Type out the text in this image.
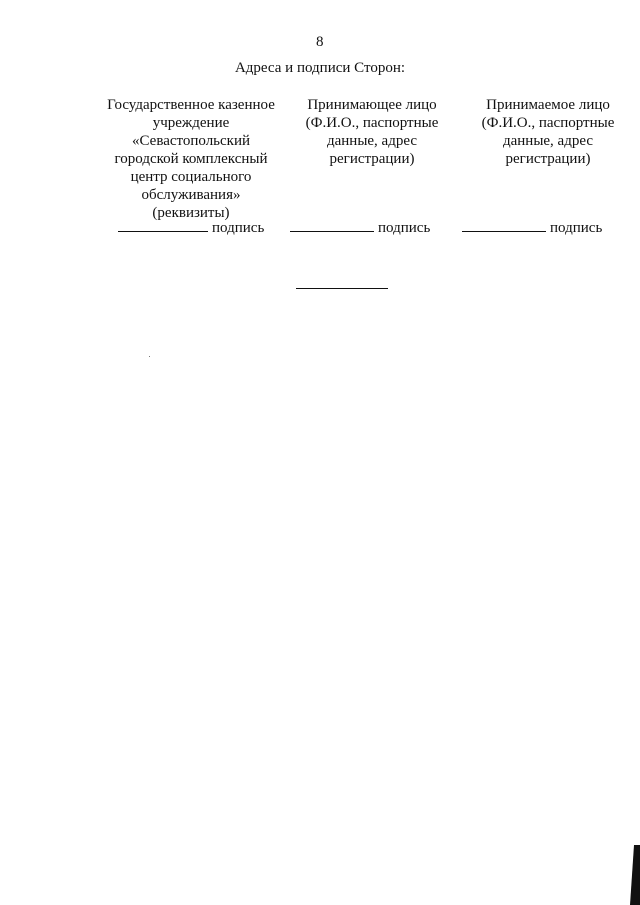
8
Адреса и подписи Сторон:
Государственное казенное
учреждение
«Севастопольский
городской комплексный
центр социального
обслуживания»
(реквизиты)
Принимающее лицо
(Ф.И.О., паспортные
данные, адрес
регистрации)
Принимаемое лицо
(Ф.И.О., паспортные
данные, адрес
регистрации)
подпись	подпись	подпись
